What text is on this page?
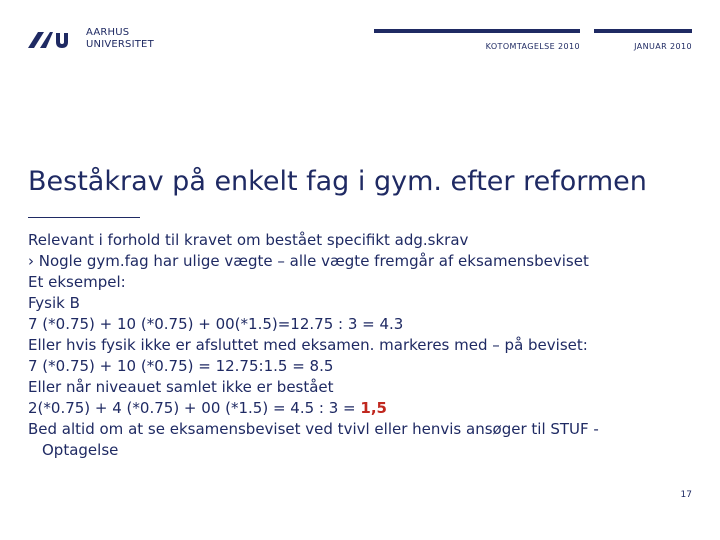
AARHUS
UNIVERSITET	KOTOMTAGELSE 2010	JANUAR 2010
Beståkrav på enkelt fag i gym. efter reformen
Relevant i forhold til kravet om bestået specifikt adg.skrav
› Nogle gym.fag har ulige vægte – alle vægte fremgår af eksamensbeviset
Et eksempel:
Fysik B
7 (*0.75) + 10 (*0.75) + 00(*1.5)=12.75 : 3 = 4.3
Eller hvis fysik ikke er afsluttet med eksamen. markeres med – på beviset:
7 (*0.75) + 10 (*0.75) = 12.75:1.5 = 8.5
Eller når niveauet samlet ikke er bestået
2(*0.75) + 4 (*0.75) + 00 (*1.5) = 4.5 : 3 = 1,5
Bed altid om at se eksamensbeviset ved tvivl eller henvis ansøger til STUF -
Optagelse
17
